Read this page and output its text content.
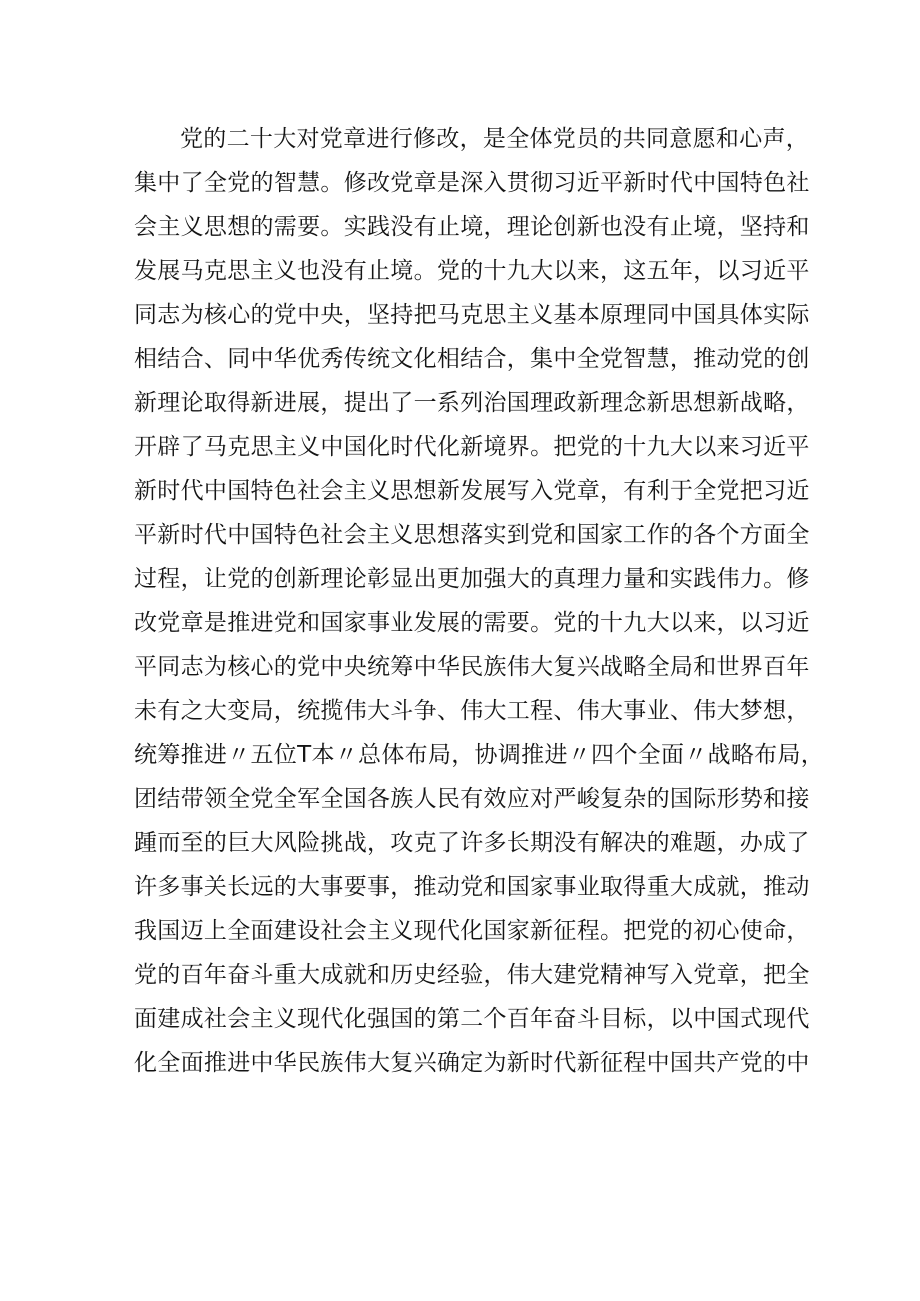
党的二十大对党章进行修改，是全体党员的共同意愿和心声，
集中了全党的智慧。修改党章是深入贯彻习近平新时代中国特色社
会主义思想的需要。实践没有止境，理论创新也没有止境，坚持和
发展马克思主义也没有止境。党的十九大以来，这五年，以习近平
同志为核心的党中央，坚持把马克思主义基本原理同中国具体实际
相结合、同中华优秀传统文化相结合，集中全党智慧，推动党的创
新理论取得新进展，提出了一系列治国理政新理念新思想新战略，
开辟了马克思主义中国化时代化新境界。把党的十九大以来习近平
新时代中国特色社会主义思想新发展写入党章，有利于全党把习近
平新时代中国特色社会主义思想落实到党和国家工作的各个方面全
过程，让党的创新理论彰显出更加强大的真理力量和实践伟力。修
改党章是推进党和国家事业发展的需要。党的十九大以来，以习近
平同志为核心的党中央统筹中华民族伟大复兴战略全局和世界百年
未有之大变局，统揽伟大斗争、伟大工程、伟大事业、伟大梦想，
统筹推进〃五位Τ本〃总体布局，协调推进〃四个全面〃战略布局，
团结带领全党全军全国各族人民有效应对严峻复杂的国际形势和接
踵而至的巨大风险挑战，攻克了许多长期没有解决的难题，办成了
许多事关长远的大事要事，推动党和国家事业取得重大成就，推动
我国迈上全面建设社会主义现代化国家新征程。把党的初心使命，
党的百年奋斗重大成就和历史经验，伟大建党精神写入党章，把全
面建成社会主义现代化强国的第二个百年奋斗目标，以中国式现代
化全面推进中华民族伟大复兴确定为新时代新征程中国共产党的中
